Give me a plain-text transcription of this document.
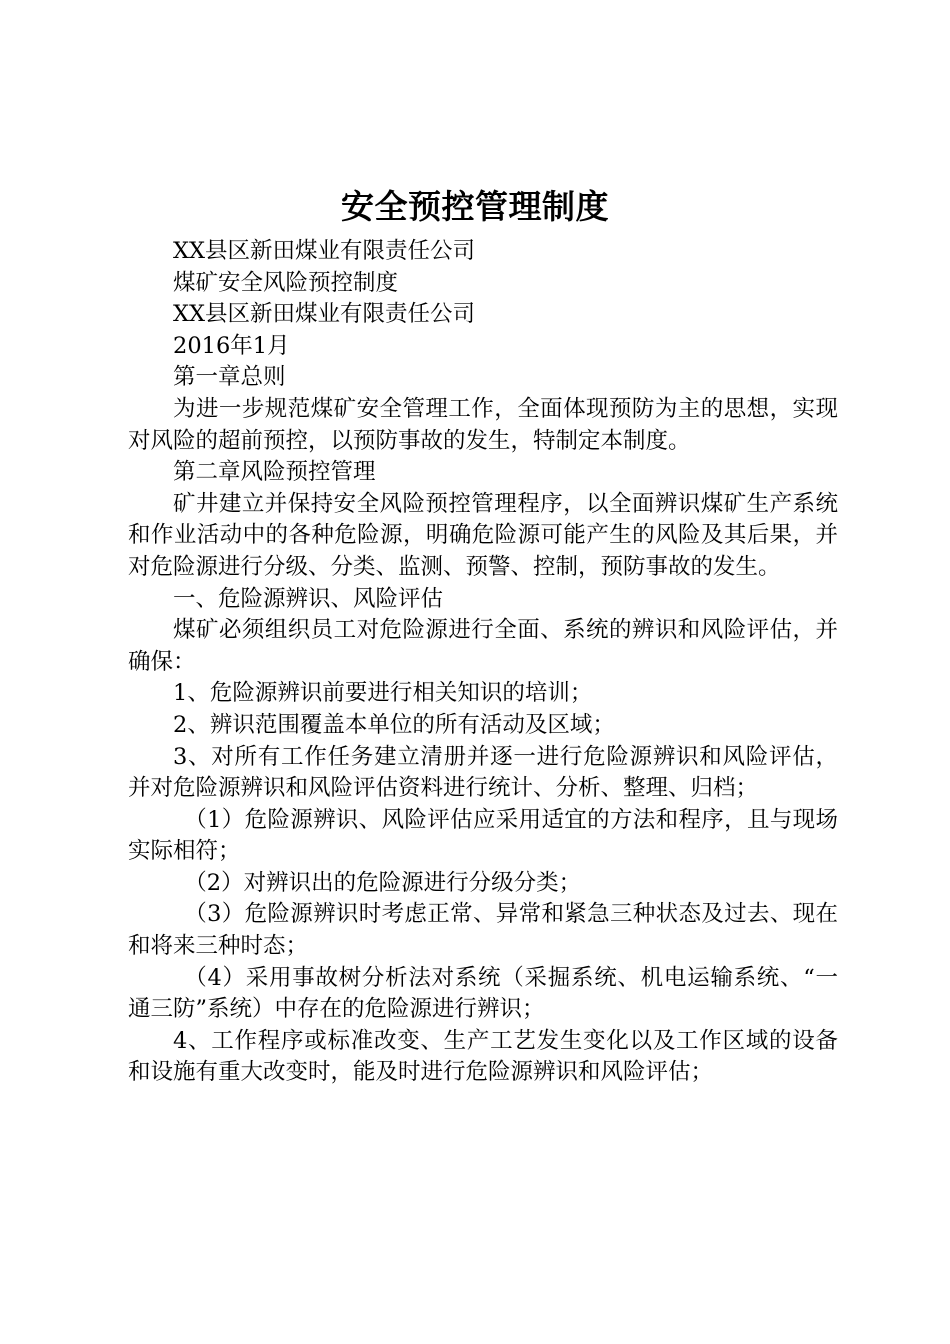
安全预控管理制度

XX县区新田煤业有限责任公司

煤矿安全风险预控制度

XX县区新田煤业有限责任公司

2016年1月

第一章总则

为进一步规范煤矿安全管理工作，全面体现预防为主的思想，实现对风险的超前预控，以预防事故的发生，特制定本制度。

第二章风险预控管理

矿井建立并保持安全风险预控管理程序，以全面辨识煤矿生产系统和作业活动中的各种危险源，明确危险源可能产生的风险及其后果，并对危险源进行分级、分类、监测、预警、控制，预防事故的发生。

一、危险源辨识、风险评估

煤矿必须组织员工对危险源进行全面、系统的辨识和风险评估，并确保：

1、危险源辨识前要进行相关知识的培训；

2、辨识范围覆盖本单位的所有活动及区域；

3、对所有工作任务建立清册并逐一进行危险源辨识和风险评估，并对危险源辨识和风险评估资料进行统计、分析、整理、归档；

（1）危险源辨识、风险评估应采用适宜的方法和程序，且与现场实际相符；

（2）对辨识出的危险源进行分级分类；

（3）危险源辨识时考虑正常、异常和紧急三种状态及过去、现在和将来三种时态；

（4）采用事故树分析法对系统（采掘系统、机电运输系统、“一通三防”系统）中存在的危险源进行辨识；

4、工作程序或标准改变、生产工艺发生变化以及工作区域的设备和设施有重大改变时，能及时进行危险源辨识和风险评估；
